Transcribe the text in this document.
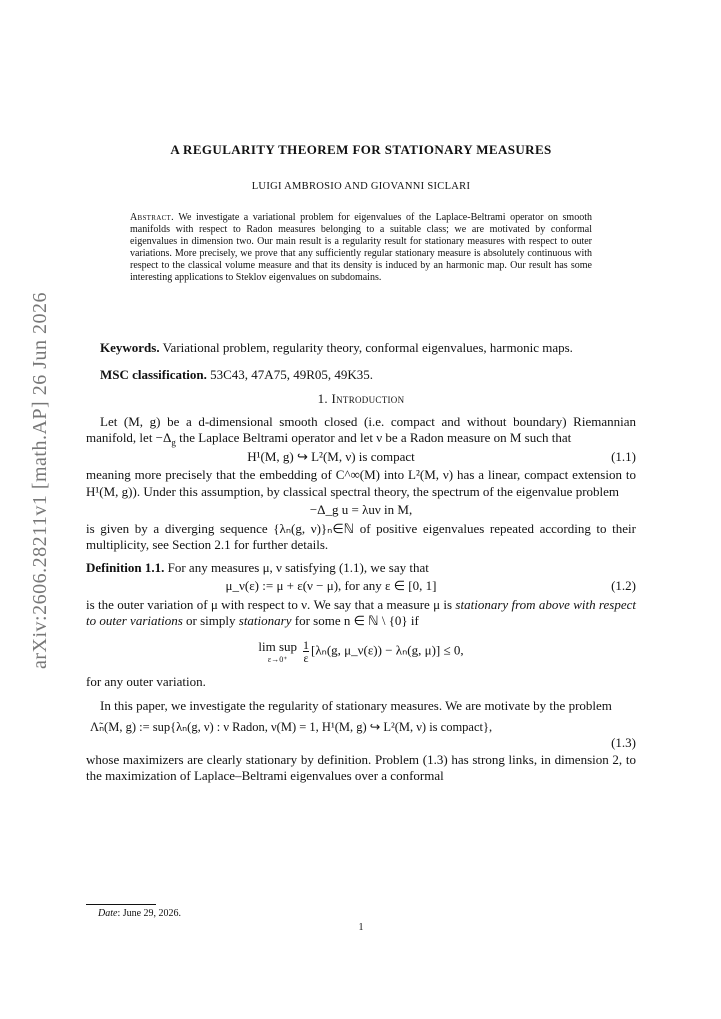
arXiv:2606.28211v1 [math.AP] 26 Jun 2026
A REGULARITY THEOREM FOR STATIONARY MEASURES
LUIGI AMBROSIO AND GIOVANNI SICLARI
Abstract. We investigate a variational problem for eigenvalues of the Laplace-Beltrami operator on smooth manifolds with respect to Radon measures belonging to a suitable class; we are motivated by conformal eigenvalues in dimension two. Our main result is a regularity result for stationary measures with respect to outer variations. More precisely, we prove that any sufficiently regular stationary measure is absolutely continuous with respect to the classical volume measure and that its density is induced by an harmonic map. Our result has some interesting applications to Steklov eigenvalues on subdomains.

Keywords. Variational problem, regularity theory, conformal eigenvalues, harmonic maps.

MSC classification. 53C43, 47A75, 49R05, 49K35.

1. Introduction

Let (M, g) be a d-dimensional smooth closed (i.e. compact and without boundary) Riemannian manifold, let $-\Delta_g$ the Laplace Beltrami operator and let ν be a Radon measure on M such that

H¹(M, g) ↪ L²(M, ν) is compact	(1.1)

meaning more precisely that the embedding of C^∞(M) into L²(M, ν) has a linear, compact extension to H¹(M, g)). Under this assumption, by classical spectral theory, the spectrum of the eigenvalue problem

−Δ_g u = λuν in M,

is given by a diverging sequence {λₙ(g, ν)}ₙ∈ℕ of positive eigenvalues repeated according to their multiplicity, see Section 2.1 for further details.

Definition 1.1. For any measures μ, ν satisfying (1.1), we say that

μ_ν(ε) := μ + ε(ν − μ), for any ε ∈ [0, 1]	(1.2)

is the outer variation of μ with respect to ν. We say that a measure μ is stationary from above with respect to outer variations or simply stationary for some n ∈ ℕ \ {0} if

lim sup
$\varepsilon\to 0^+ \frac{1}{\varepsilon} [\lambda_n(g$, μ_ν(ε)) − λₙ(g, μ)] ≤ 0,

for any outer variation.

In this paper, we investigate the regularity of stationary measures. We are motivate by the problem

Λ̃ₙ(M, g) := sup{λₙ(g, ν) : ν Radon, ν(M) = 1, H¹(M, g) ↪ L²(M, ν) is compact},
(1.3)

whose maximizers are clearly stationary by definition. Problem (1.3) has strong links, in dimension 2, to the maximization of Laplace–Beltrami eigenvalues over a conformal

Date: June 29, 2026.
1
